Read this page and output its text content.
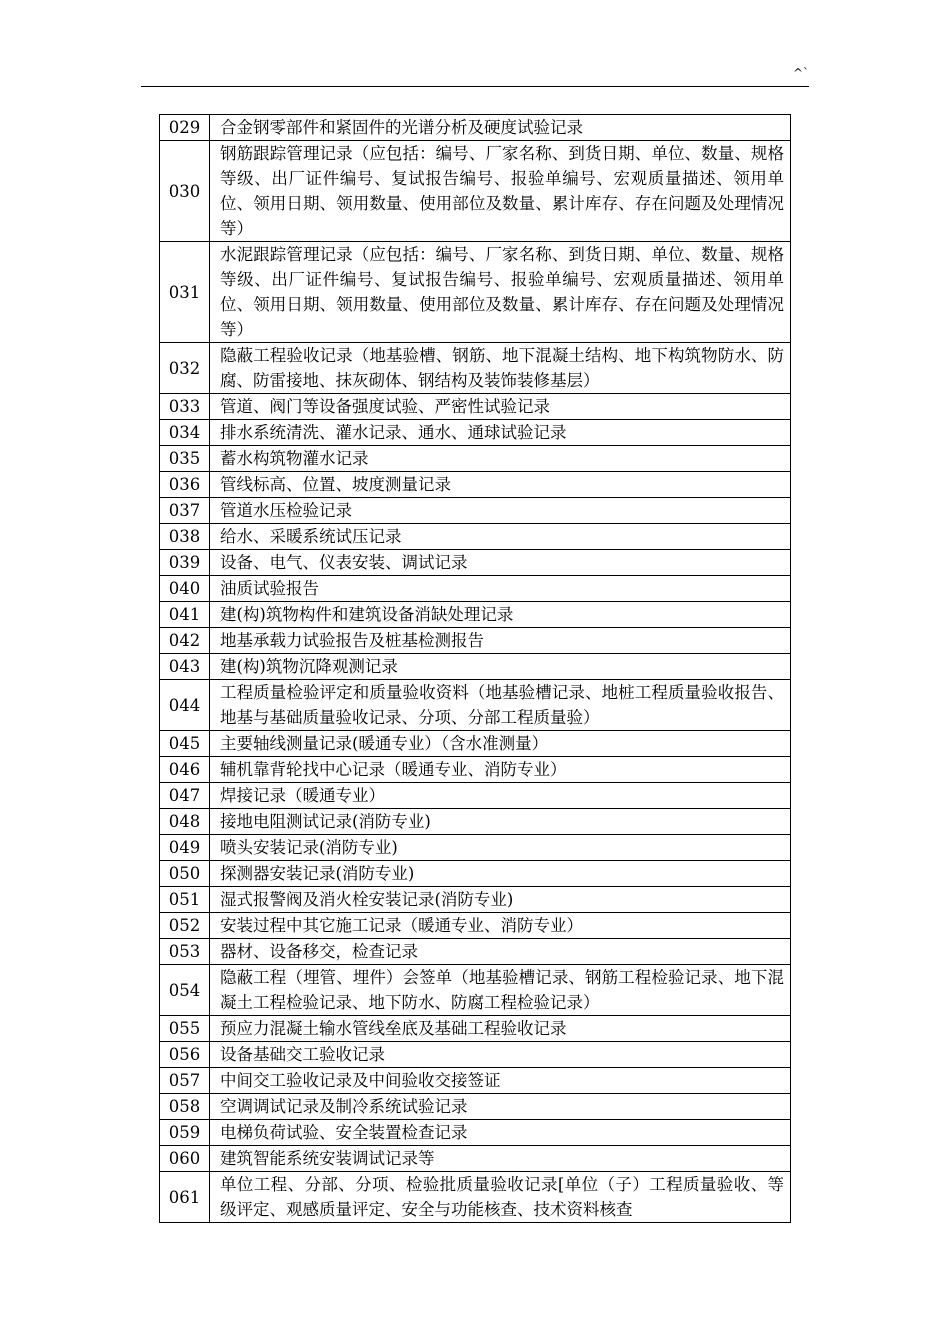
^`
029	合金钢零部件和紧固件的光谱分析及硬度试验记录
030	钢筋跟踪管理记录（应包括：编号、厂家名称、到货日期、单位、数量、规格等级、出厂证件编号、复试报告编号、报验单编号、宏观质量描述、领用单位、领用日期、领用数量、使用部位及数量、累计库存、存在问题及处理情况等）
031	水泥跟踪管理记录（应包括：编号、厂家名称、到货日期、单位、数量、规格等级、出厂证件编号、复试报告编号、报验单编号、宏观质量描述、领用单位、领用日期、领用数量、使用部位及数量、累计库存、存在问题及处理情况等）
032	隐蔽工程验收记录（地基验槽、钢筋、地下混凝土结构、地下构筑物防水、防腐、防雷接地、抹灰砌体、钢结构及装饰装修基层）
033	管道、阀门等设备强度试验、严密性试验记录
034	排水系统清洗、灌水记录、通水、通球试验记录
035	蓄水构筑物灌水记录
036	管线标高、位置、坡度测量记录
037	管道水压检验记录
038	给水、采暖系统试压记录
039	设备、电气、仪表安装、调试记录
040	油质试验报告
041	建(构)筑物构件和建筑设备消缺处理记录
042	地基承载力试验报告及桩基检测报告
043	建(构)筑物沉降观测记录
044	工程质量检验评定和质量验收资料（地基验槽记录、地桩工程质量验收报告、地基与基础质量验收记录、分项、分部工程质量验）
045	主要轴线测量记录(暖通专业）（含水准测量）
046	辅机靠背轮找中心记录（暖通专业、消防专业）
047	焊接记录（暖通专业）
048	接地电阻测试记录(消防专业)
049	喷头安装记录(消防专业)
050	探测器安装记录(消防专业)
051	湿式报警阀及消火栓安装记录(消防专业)
052	安装过程中其它施工记录（暖通专业、消防专业）
053	器材、设备移交，检查记录
054	隐蔽工程（埋管、埋件）会签单（地基验槽记录、钢筋工程检验记录、地下混凝土工程检验记录、地下防水、防腐工程检验记录）
055	预应力混凝土输水管线垒底及基础工程验收记录
056	设备基础交工验收记录
057	中间交工验收记录及中间验收交接签证
058	空调调试记录及制冷系统试验记录
059	电梯负荷试验、安全装置检查记录
060	建筑智能系统安装调试记录等
061	单位工程、分部、分项、检验批质量验收记录[单位（子）工程质量验收、等级评定、观感质量评定、安全与功能核查、技术资料核查
